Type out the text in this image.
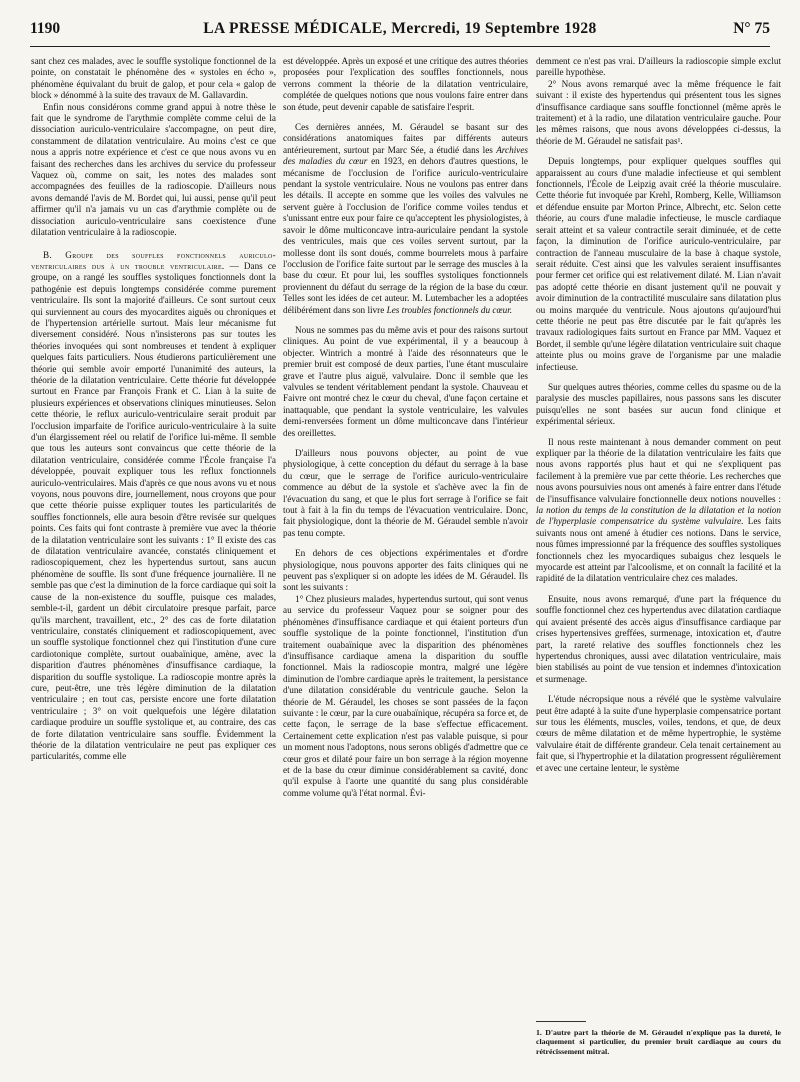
1190	LA PRESSE MÉDICALE, Mercredi, 19 Septembre 1928	N° 75

sant chez ces malades, avec le souffle systolique fonctionnel de la pointe, on constatait le phénomène des « systoles en écho », phénomène équivalant du bruit de galop, et pour cela « galop de block » dénommé à la suite des travaux de M. Gallavardin.

Enfin nous considérons comme grand appui à notre thèse le fait que le syndrome de l'arythmie complète comme celui de la dissociation auriculo-ventriculaire s'accompagne, on peut dire, constamment de dilatation ventriculaire. Au moins c'est ce que nous a appris notre expérience et c'est ce que nous avons vu en faisant des recherches dans les archives du service du professeur Vaquez où, comme on sait, les notes des malades sont accompagnées des feuilles de la radioscopie. D'ailleurs nous avons demandé l'avis de M. Bordet qui, lui aussi, pense qu'il peut affirmer qu'il n'a jamais vu un cas d'arythmie complète ou de dissociation auriculo-ventriculaire sans coexistence d'une dilatation ventriculaire à la radioscopie.

B. Groupe des souffles fonctionnels auriculo-ventriculaires dus à un trouble ventriculaire. — Dans ce groupe, on a rangé les souffles systoliques fonctionnels dont la pathogénie est depuis longtemps considérée comme purement ventriculaire. Ils sont la majorité d'ailleurs. Ce sont surtout ceux qui surviennent au cours des myocardites aiguës ou chroniques et de l'hypertension artérielle surtout. Mais leur mécanisme fut diversement considéré. Nous n'insisterons pas sur toutes les théories invoquées qui sont nombreuses et tendent à expliquer quelques faits particuliers. Nous étudierons particulièrement une théorie qui semble avoir emporté l'unanimité des auteurs, la théorie de la dilatation ventriculaire. Cette théorie fut développée surtout en France par François Frank et C. Lian à la suite de plusieurs expériences et observations cliniques minutieuses. Selon cette théorie, le reflux auriculo-ventriculaire serait produit par l'occlusion imparfaite de l'orifice auriculo-ventriculaire à la suite d'un élargissement réel ou relatif de l'orifice lui-même. Il semble que tous les auteurs sont convaincus que cette théorie de la dilatation ventriculaire, considérée comme l'École française l'a développée, pouvait expliquer tous les reflux fonctionnels auriculo-ventriculaires. Mais d'après ce que nous avons vu et nous voyons, nous pouvons dire, journellement, nous croyons que pour que cette théorie puisse expliquer toutes les particularités de souffles fonctionnels, elle aura besoin d'être revisée sur quelques points. Ces faits qui font contraste à première vue avec la théorie de la dilatation ventriculaire sont les suivants : 1° Il existe des cas de dilatation ventriculaire avancée, constatés cliniquement et radioscopiquement, chez les hypertendus surtout, sans aucun phénomène de souffle. Ils sont d'une fréquence journalière. Il ne semble pas que c'est la diminution de la force cardiaque qui soit la cause de la non-existence du souffle, puisque ces malades, semble-t-il, gardent un débit circulatoire presque parfait, parce qu'ils marchent, travaillent, etc., 2° des cas de forte dilatation ventriculaire, constatés cliniquement et radioscopiquement, avec un souffle systolique fonctionnel chez qui l'institution d'une cure cardiotonique complète, surtout ouabaïnique, amène, avec la disparition d'autres phénomènes d'insuffisance cardiaque, la disparition du souffle systolique. La radioscopie montre après la cure, peut-être, une très légère diminution de la dilatation ventriculaire ; en tout cas, persiste encore une forte dilatation ventriculaire ; 3° on voit quelquefois une légère dilatation cardiaque produire un souffle systolique et, au contraire, des cas de forte dilatation ventriculaire sans souffle. Évidemment la théorie de la dilatation ventriculaire ne peut pas expliquer ces particularités, comme elle

est développée. Après un exposé et une critique des autres théories proposées pour l'explication des souffles fonctionnels, nous verrons comment la théorie de la dilatation ventriculaire, complétée de quelques notions que nous voulons faire entrer dans son étude, peut devenir capable de satisfaire l'esprit.

Ces dernières années, M. Géraudel se basant sur des considérations anatomiques faites par différents auteurs antérieurement, surtout par Marc Sée, a étudié dans les Archives des maladies du cœur en 1923, en dehors d'autres questions, le mécanisme de l'occlusion de l'orifice auriculo-ventriculaire pendant la systole ventriculaire. Nous ne voulons pas entrer dans les détails. Il accepte en somme que les voiles des valvules ne servent guère à l'occlusion de l'orifice comme voiles tendus et s'unissant entre eux pour faire ce qu'acceptent les physiologistes, à savoir le dôme multiconcave intra-auriculaire pendant la systole des ventricules, mais que ces voiles servent surtout, par la mollesse dont ils sont doués, comme bourrelets mous à parfaire l'occlusion de l'orifice faite surtout par le serrage des muscles à la base du cœur. Et pour lui, les souffles systoliques fonctionnels proviennent du défaut du serrage de la région de la base du cœur. Telles sont les idées de cet auteur. M. Lutembacher les a adoptées délibérément dans son livre Les troubles fonctionnels du cœur.

Nous ne sommes pas du même avis et pour des raisons surtout cliniques. Au point de vue expérimental, il y a beaucoup à objecter. Wintrich a montré à l'aide des résonnateurs que le premier bruit est composé de deux parties, l'une étant musculaire grave et l'autre plus aiguë, valvulaire. Donc il semble que les valvules se tendent véritablement pendant la systole. Chauveau et Faivre ont montré chez le cœur du cheval, d'une façon certaine et inattaquable, que pendant la systole ventriculaire, les valvules demi-renversées forment un dôme multiconcave dans l'intérieur des oreillettes.

D'ailleurs nous pouvons objecter, au point de vue physiologique, à cette conception du défaut du serrage à la base du cœur, que le serrage de l'orifice auriculo-ventriculaire commence au début de la systole et s'achève avec la fin de l'évacuation du sang, et que le plus fort serrage à l'orifice se fait tout à fait à la fin du temps de l'évacuation ventriculaire. Donc, fait physiologique, dont la théorie de M. Géraudel semble n'avoir pas tenu compte.

En dehors de ces objections expérimentales et d'ordre physiologique, nous pouvons apporter des faits cliniques qui ne peuvent pas s'expliquer si on adopte les idées de M. Géraudel. Ils sont les suivants :

1° Chez plusieurs malades, hypertendus surtout, qui sont venus au service du professeur Vaquez pour se soigner pour des phénomènes d'insuffisance cardiaque et qui étaient porteurs d'un souffle systolique de la pointe fonctionnel, l'institution d'un traitement ouabaïnique avec la disparition des phénomènes d'insuffisance cardiaque amena la disparition du souffle fonctionnel. Mais la radioscopie montra, malgré une légère diminution de l'ombre cardiaque après le traitement, la persistance d'une dilatation considérable du ventricule gauche. Selon la théorie de M. Géraudel, les choses se sont passées de la façon suivante : le cœur, par la cure ouabaïnique, récupéra sa force et, de cette façon, le serrage de la base s'effectue efficacement. Certainement cette explication n'est pas valable puisque, si pour un moment nous l'adoptons, nous serons obligés d'admettre que ce cœur gros et dilaté pour faire un bon serrage à la région moyenne et de la base du cœur diminue considérablement sa cavité, donc qu'il expulse à l'aorte une quantité du sang plus considérable comme volume qu'à l'état normal. Évi-

demment ce n'est pas vrai. D'ailleurs la radioscopie simple exclut pareille hypothèse.

2° Nous avons remarqué avec la même fréquence le fait suivant : il existe des hypertendus qui présentent tous les signes d'insuffisance cardiaque sans souffle fonctionnel (même après le traitement) et à la radio, une dilatation ventriculaire gauche. Pour les mêmes raisons, que nous avons développées ci-dessus, la théorie de M. Géraudel ne satisfait pas¹.

Depuis longtemps, pour expliquer quelques souffles qui apparaissent au cours d'une maladie infectieuse et qui semblent fonctionnels, l'École de Leipzig avait créé la théorie musculaire. Cette théorie fut invoquée par Krehl, Romberg, Kelle, Williamson et défendue ensuite par Morton Prince, Albrecht, etc. Selon cette théorie, au cours d'une maladie infectieuse, le muscle cardiaque serait atteint et sa valeur contractile serait diminuée, et de cette façon, la diminution de l'orifice auriculo-ventriculaire, par contraction de l'anneau musculaire de la base à chaque systole, serait réduite. C'est ainsi que les valvules seraient insuffisantes pour fermer cet orifice qui est relativement dilaté. M. Lian n'avait pas adopté cette théorie en disant justement qu'il ne pouvait y avoir diminution de la contractilité musculaire sans dilatation plus ou moins marquée du ventricule. Nous ajoutons qu'aujourd'hui cette théorie ne peut pas être discutée par le fait qu'après les travaux radiologiques faits surtout en France par MM. Vaquez et Bordet, il semble qu'une légère dilatation ventriculaire suit chaque atteinte plus ou moins grave de l'organisme par une maladie infectieuse.

Sur quelques autres théories, comme celles du spasme ou de la paralysie des muscles papillaires, nous passons sans les discuter puisqu'elles ne sont basées sur aucun fond clinique et expérimental sérieux.

Il nous reste maintenant à nous demander comment on peut expliquer par la théorie de la dilatation ventriculaire les faits que nous avons rapportés plus haut et qui ne s'expliquent pas facilement à la première vue par cette théorie. Les recherches que nous avons poursuivies nous ont amenés à faire entrer dans l'étude de l'insuffisance valvulaire fonctionnelle deux notions nouvelles : la notion du temps de la constitution de la dilatation et la notion de l'hyperplasie compensatrice du système valvulaire. Les faits suivants nous ont amené à étudier ces notions. Dans le service, nous fûmes impressionné par la fréquence des souffles systoliques fonctionnels chez les myocardiques subaigus chez lesquels le myocarde est atteint par l'alcoolisme, et on connaît la facilité et la rapidité de la dilatation ventriculaire chez ces malades.

Ensuite, nous avons remarqué, d'une part la fréquence du souffle fonctionnel chez ces hypertendus avec dilatation cardiaque qui avaient présenté des accès aigus d'insuffisance cardiaque par crises hypertensives greffées, surmenage, intoxication et, d'autre part, la rareté relative des souffles fonctionnels chez les hypertendus chroniques, aussi avec dilatation ventriculaire, mais bien stabilisés au point de vue tension et indemnes d'intoxication et surmenage.

L'étude nécropsique nous a révélé que le système valvulaire peut être adapté à la suite d'une hyperplasie compensatrice portant sur tous les éléments, muscles, voiles, tendons, et que, de deux cœurs de même dilatation et de même hypertrophie, le système valvulaire était de différente grandeur. Cela tenait certainement au fait que, si l'hypertrophie et la dilatation progressent régulièrement et avec une certaine lenteur, le système

1. D'autre part la théorie de M. Géraudel n'explique pas la dureté, le claquement si particulier, du premier bruit cardiaque au cours du rétrécissement mitral.
